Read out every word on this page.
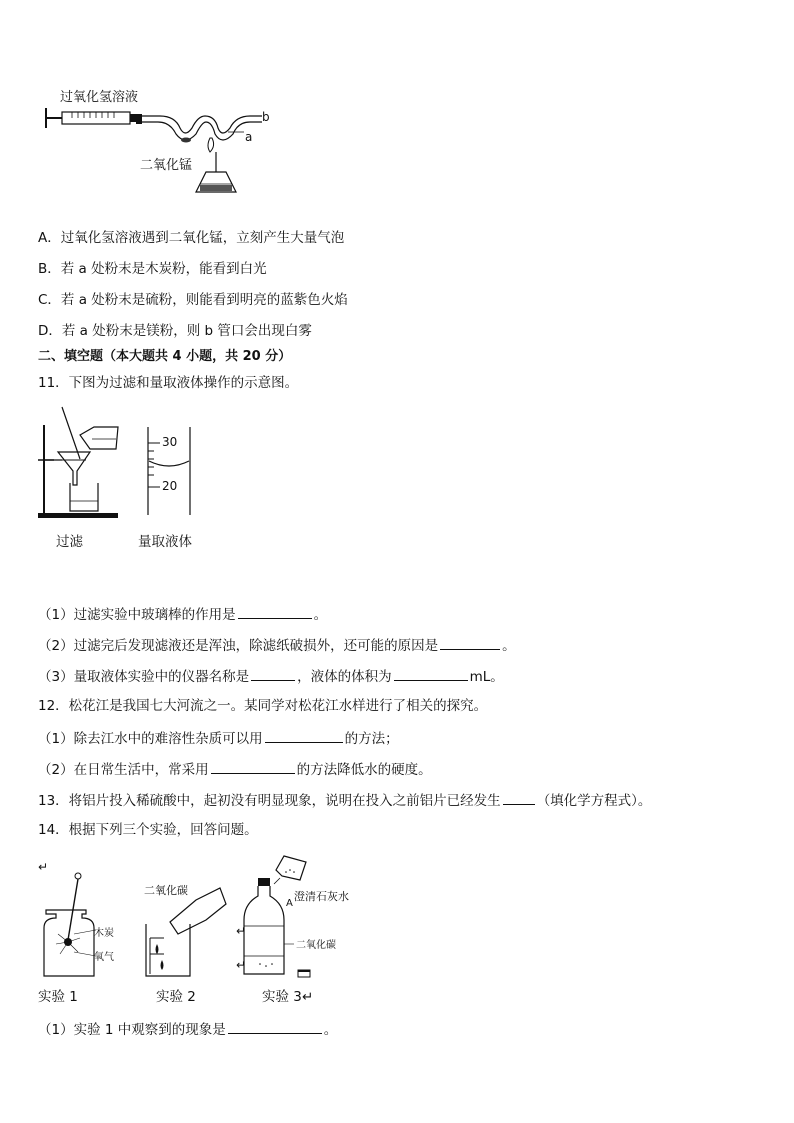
过氧化氢溶液
二氧化锰
a
b
A．过氧化氢溶液遇到二氧化锰，立刻产生大量气泡
B．若 a 处粉末是木炭粉，能看到白光
C．若 a 处粉末是硫粉，则能看到明亮的蓝紫色火焰
D．若 a 处粉末是镁粉，则 b 管口会出现白雾
二、填空题（本大题共 4 小题，共 20 分）
11．下图为过滤和量取液体操作的示意图。
30
20
过滤	量取液体
（1）过滤实验中玻璃棒的作用是	。
（2）过滤完后发现滤液还是浑浊，除滤纸破损外，还可能的原因是	。
（3）量取液体实验中的仪器名称是	，液体的体积为	mL。
12．松花江是我国七大河流之一。某同学对松花江水样进行了相关的探究。
（1）除去江水中的难溶性杂质可以用	的方法；
（2）在日常生活中，常采用	的方法降低水的硬度。
13．将铝片投入稀硫酸中，起初没有明显现象，说明在投入之前铝片已经发生	（填化学方程式）。
14．根据下列三个实验，回答问题。
↵
木炭
氧气
二氧化碳	澄清石灰水
A
二氧化碳
↵
↵
实验 1	实验 2	实验 3↵
（1）实验 1 中观察到的现象是	。
